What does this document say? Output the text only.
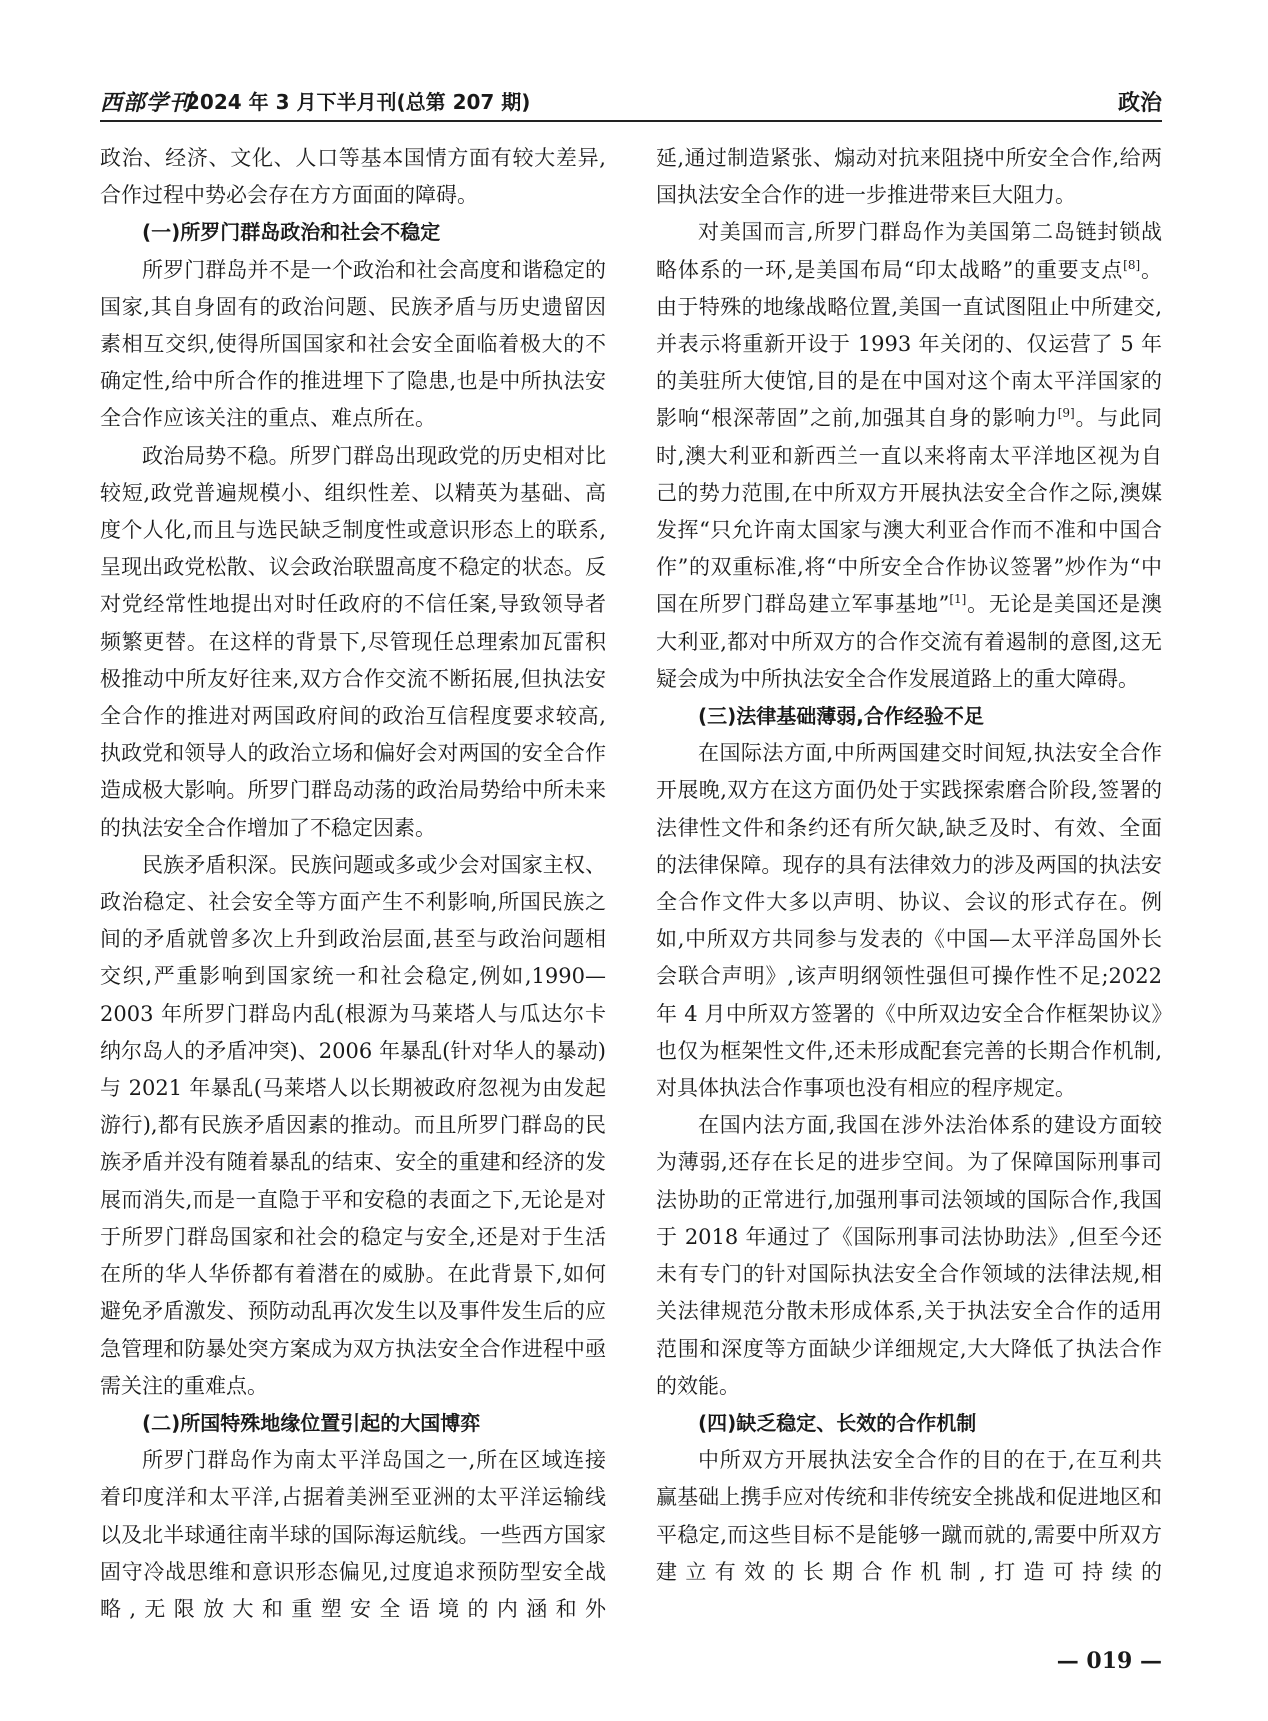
西部学刊
2024 年 3 月下半月刊(总第 207 期)	政治

政治、经济、文化、人口等基本国情方面有较大差异,

合作过程中势必会存在方方面面的障碍。

(一)所罗门群岛政治和社会不稳定

所罗门群岛并不是一个政治和社会高度和谐稳定的国家,其自身固有的政治问题、民族矛盾与历史遗留因素相互交织,使得所国国家和社会安全面临着极大的不确定性,给中所合作的推进埋下了隐患,也是中所执法安全合作应该关注的重点、难点所在。

政治局势不稳。所罗门群岛出现政党的历史相对比较短,政党普遍规模小、组织性差、以精英为基础、高度个人化,而且与选民缺乏制度性或意识形态上的联系,呈现出政党松散、议会政治联盟高度不稳定的状态。反对党经常性地提出对时任政府的不信任案,导致领导者频繁更替。在这样的背景下,尽管现任总理索加瓦雷积极推动中所友好往来,双方合作交流不断拓展,但执法安全合作的推进对两国政府间的政治互信程度要求较高,执政党和领导人的政治立场和偏好会对两国的安全合作造成极大影响。所罗门群岛动荡的政治局势给中所未来的执法安全合作增加了不稳定因素。

民族矛盾积深。民族问题或多或少会对国家主权、政治稳定、社会安全等方面产生不利影响,所国民族之间的矛盾就曾多次上升到政治层面,甚至与政治问题相交织,严重影响到国家统一和社会稳定,例如,1990—2003 年所罗门群岛内乱(根源为马莱塔人与瓜达尔卡纳尔岛人的矛盾冲突)、2006 年暴乱(针对华人的暴动)与 2021 年暴乱(马莱塔人以长期被政府忽视为由发起游行),都有民族矛盾因素的推动。而且所罗门群岛的民族矛盾并没有随着暴乱的结束、安全的重建和经济的发展而消失,而是一直隐于平和安稳的表面之下,无论是对于所罗门群岛国家和社会的稳定与安全,还是对于生活在所的华人华侨都有着潜在的威胁。在此背景下,如何避免矛盾激发、预防动乱再次发生以及事件发生后的应急管理和防暴处突方案成为双方执法安全合作进程中亟需关注的重难点。

(二)所国特殊地缘位置引起的大国博弈

所罗门群岛作为南太平洋岛国之一,所在区域连接着印度洋和太平洋,占据着美洲至亚洲的太平洋运输线以及北半球通往南半球的国际海运航线。一些西方国家固守冷战思维和意识形态偏见,过度追求预防型安全战略,无限放大和重塑安全语境的内涵和外

延,通过制造紧张、煽动对抗来阻挠中所安全合作,给两国执法安全合作的进一步推进带来巨大阻力。

对美国而言,所罗门群岛作为美国第二岛链封锁战略体系的一环,是美国布局“印太战略”的重要支点[8]。由于特殊的地缘战略位置,美国一直试图阻止中所建交,并表示将重新开设于 1993 年关闭的、仅运营了 5 年的美驻所大使馆,目的是在中国对这个南太平洋国家的影响“根深蒂固”之前,加强其自身的影响力[9]。与此同时,澳大利亚和新西兰一直以来将南太平洋地区视为自己的势力范围,在中所双方开展执法安全合作之际,澳媒发挥“只允许南太国家与澳大利亚合作而不准和中国合作”的双重标准,将“中所安全合作协议签署”炒作为“中国在所罗门群岛建立军事基地”[1]。无论是美国还是澳大利亚,都对中所双方的合作交流有着遏制的意图,这无疑会成为中所执法安全合作发展道路上的重大障碍。

(三)法律基础薄弱,合作经验不足

在国际法方面,中所两国建交时间短,执法安全合作开展晚,双方在这方面仍处于实践探索磨合阶段,签署的法律性文件和条约还有所欠缺,缺乏及时、有效、全面的法律保障。现存的具有法律效力的涉及两国的执法安全合作文件大多以声明、协议、会议的形式存在。例如,中所双方共同参与发表的《中国—太平洋岛国外长会联合声明》,该声明纲领性强但可操作性不足;2022 年 4 月中所双方签署的《中所双边安全合作框架协议》也仅为框架性文件,还未形成配套完善的长期合作机制,对具体执法合作事项也没有相应的程序规定。

在国内法方面,我国在涉外法治体系的建设方面较为薄弱,还存在长足的进步空间。为了保障国际刑事司法协助的正常进行,加强刑事司法领域的国际合作,我国于 2018 年通过了《国际刑事司法协助法》,但至今还未有专门的针对国际执法安全合作领域的法律法规,相关法律规范分散未形成体系,关于执法安全合作的适用范围和深度等方面缺少详细规定,大大降低了执法合作的效能。

(四)缺乏稳定、长效的合作机制

中所双方开展执法安全合作的目的在于,在互利共赢基础上携手应对传统和非传统安全挑战和促进地区和平稳定,而这些目标不是能够一蹴而就的,需要中所双方建立有效的长期合作机制,打造可持续的

— 019 —
